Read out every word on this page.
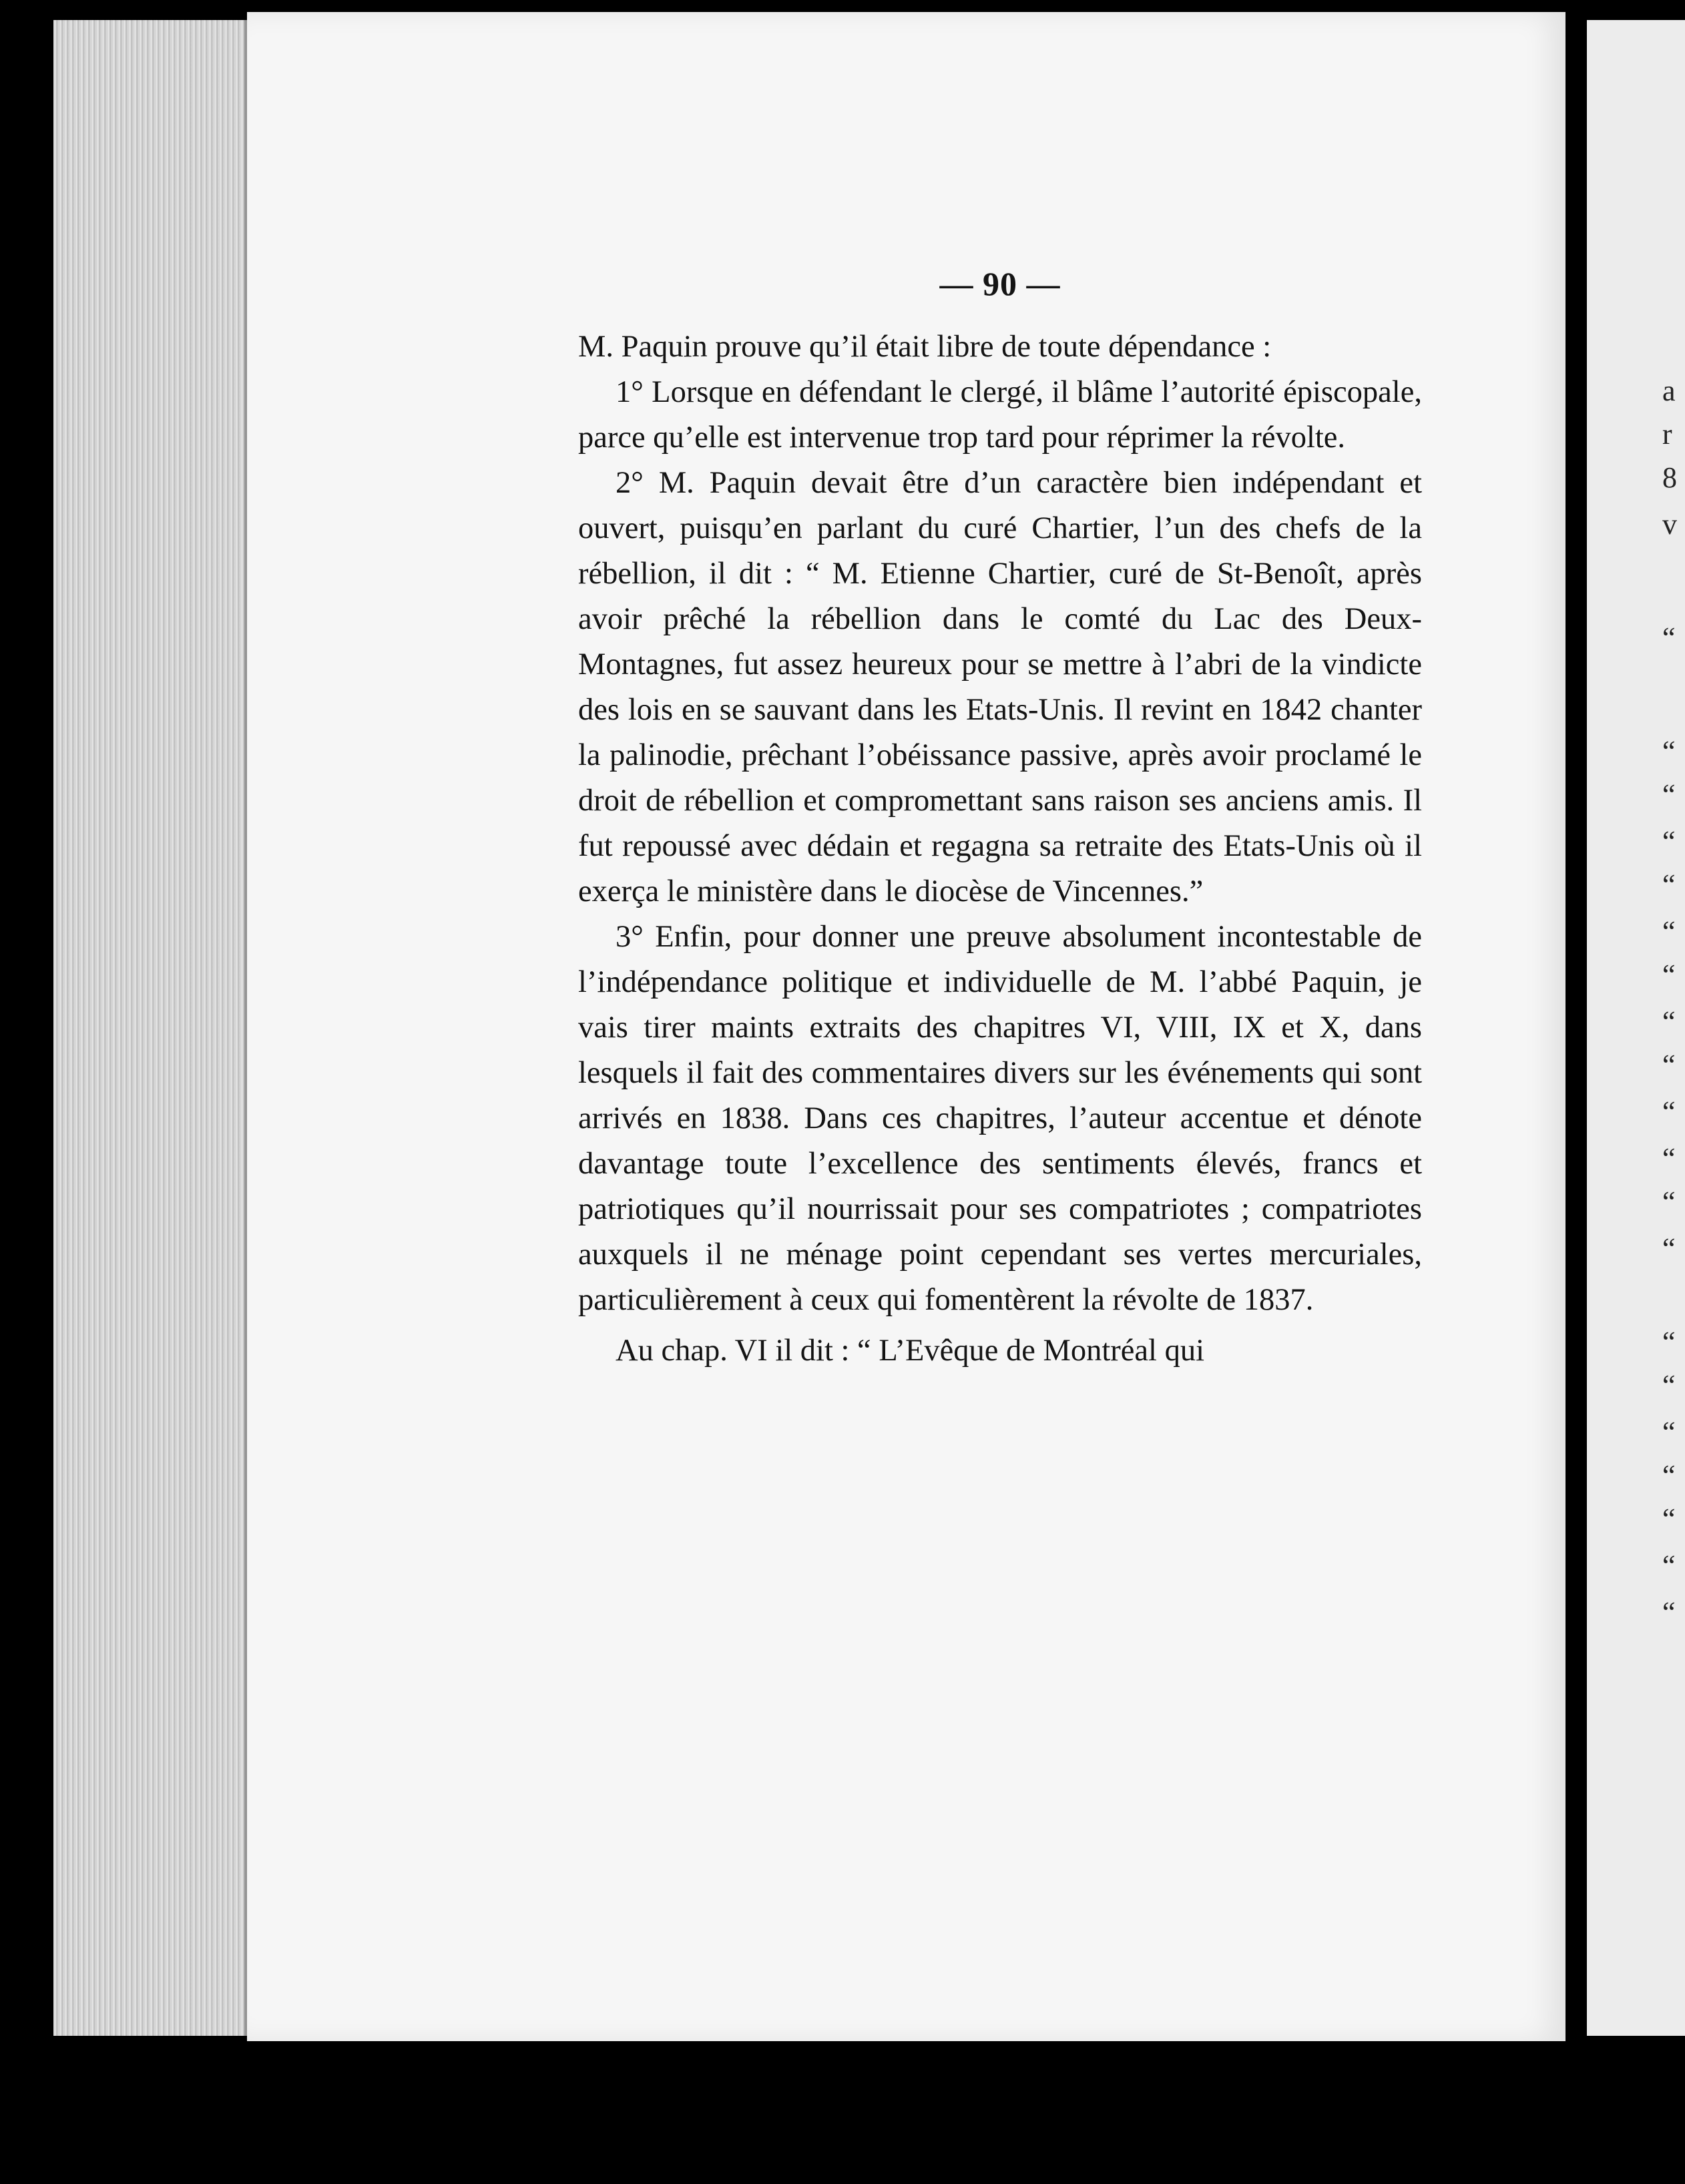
— 90 —

M. Paquin prouve qu’il était libre de toute dépendance :

1° Lorsque en défendant le clergé, il blâme l’autorité épiscopale, parce qu’elle est intervenue trop tard pour réprimer la révolte.

2° M. Paquin devait être d’un caractère bien indépendant et ouvert, puisqu’en parlant du curé Chartier, l’un des chefs de la rébellion, il dit : “ M. Etienne Chartier, curé de St-Benoît, après avoir prêché la rébellion dans le comté du Lac des Deux-Montagnes, fut assez heureux pour se mettre à l’abri de la vindicte des lois en se sauvant dans les Etats-Unis. Il revint en 1842 chanter la palinodie, prêchant l’obéissance passive, après avoir proclamé le droit de rébellion et compromettant sans raison ses anciens amis. Il fut repoussé avec dédain et regagna sa retraite des Etats-Unis où il exerça le ministère dans le diocèse de Vincennes.”

3° Enfin, pour donner une preuve absolument incontestable de l’indépendance politique et individuelle de M. l’abbé Paquin, je vais tirer maints extraits des chapitres VI, VIII, IX et X, dans lesquels il fait des commentaires divers sur les événements qui sont arrivés en 1838. Dans ces chapitres, l’auteur accentue et dénote davantage toute l’excellence des sentiments élevés, francs et patriotiques qu’il nourrissait pour ses compatriotes ; compatriotes auxquels il ne ménage point cependant ses vertes mercuriales, particulièrement à ceux qui fomentèrent la révolte de 1837.

Au chap. VI il dit : “ L’Evêque de Montréal qui

a
r
8
v
“
“
“
“
“
“
“
“
“
“
“
“
“
“
“
“
“
“
“
“
